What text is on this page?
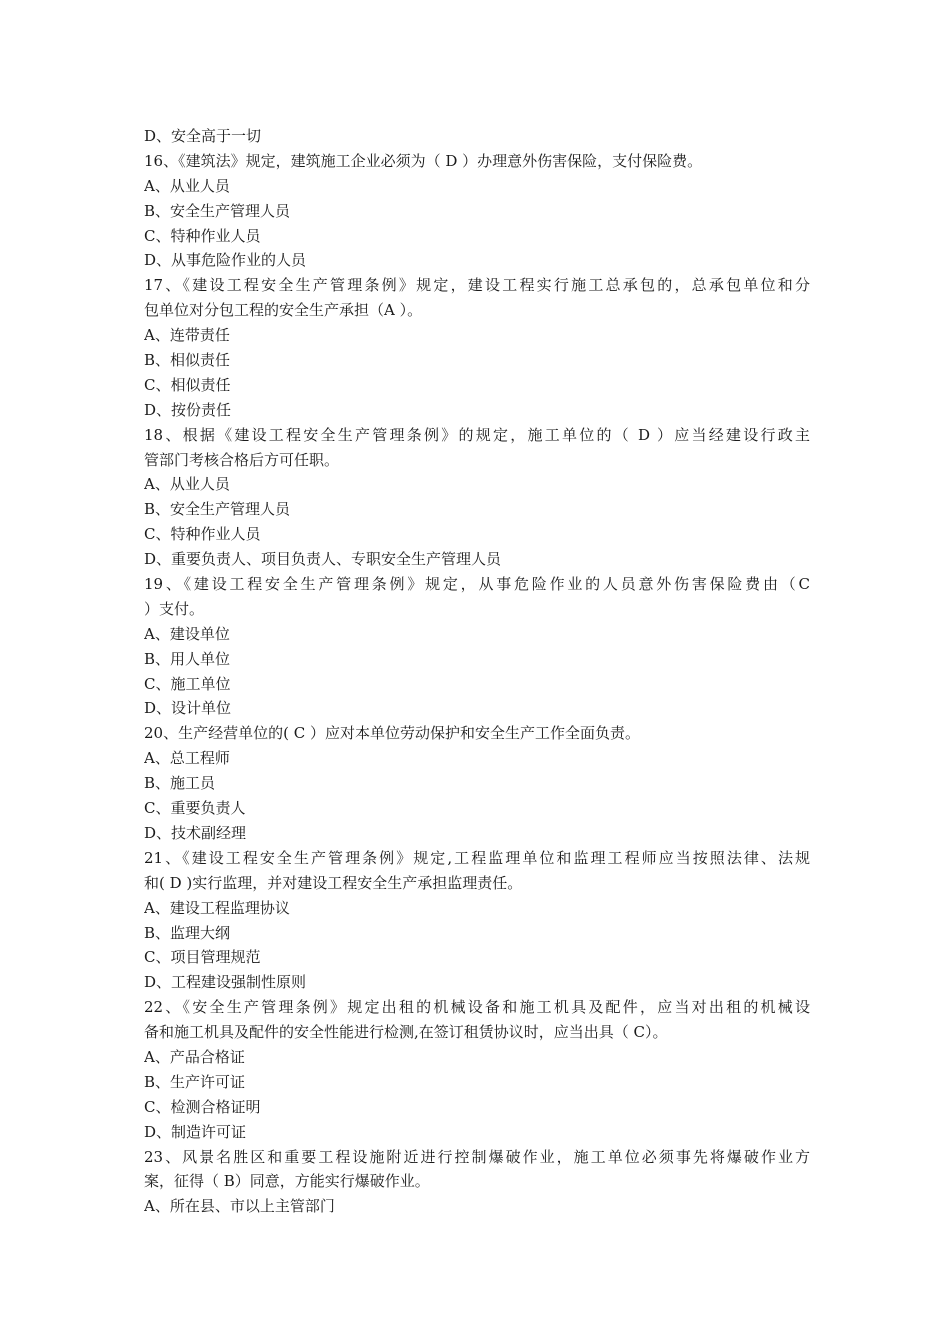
D、安全高于一切
16、《建筑法》规定，建筑施工企业必须为（ D ）办理意外伤害保险，支付保险费。
A、从业人员
B、安全生产管理人员
C、特种作业人员
D、从事危险作业的人员
17、《建设工程安全生产管理条例》规定，建设工程实行施工总承包的，总承包单位和分
包单位对分包工程的安全生产承担（A ）。
A、连带责任
B、相似责任
C、相似责任
D、按份责任
18、根据《建设工程安全生产管理条例》的规定，施工单位的（ D ）应当经建设行政主
管部门考核合格后方可任职。
A、从业人员
B、安全生产管理人员
C、特种作业人员
D、重要负责人、项目负责人、专职安全生产管理人员
19、《建设工程安全生产管理条例》规定，从事危险作业的人员意外伤害保险费由（C
）支付。
A、建设单位
B、用人单位
C、施工单位
D、设计单位
20、生产经营单位的( C ）应对本单位劳动保护和安全生产工作全面负责。
A、总工程师
B、施工员
C、重要负责人
D、技术副经理
21、《建设工程安全生产管理条例》规定,工程监理单位和监理工程师应当按照法律、法规
和( D )实行监理，并对建设工程安全生产承担监理责任。
A、建设工程监理协议
B、监理大纲
C、项目管理规范
D、工程建设强制性原则
22、《安全生产管理条例》规定出租的机械设备和施工机具及配件，应当对出租的机械设
备和施工机具及配件的安全性能进行检测,在签订租赁协议时，应当出具（ C）。
A、产品合格证
B、生产许可证
C、检测合格证明
D、制造许可证
23、风景名胜区和重要工程设施附近进行控制爆破作业，施工单位必须事先将爆破作业方
案，征得（ B）同意，方能实行爆破作业。
A、所在县、市以上主管部门
